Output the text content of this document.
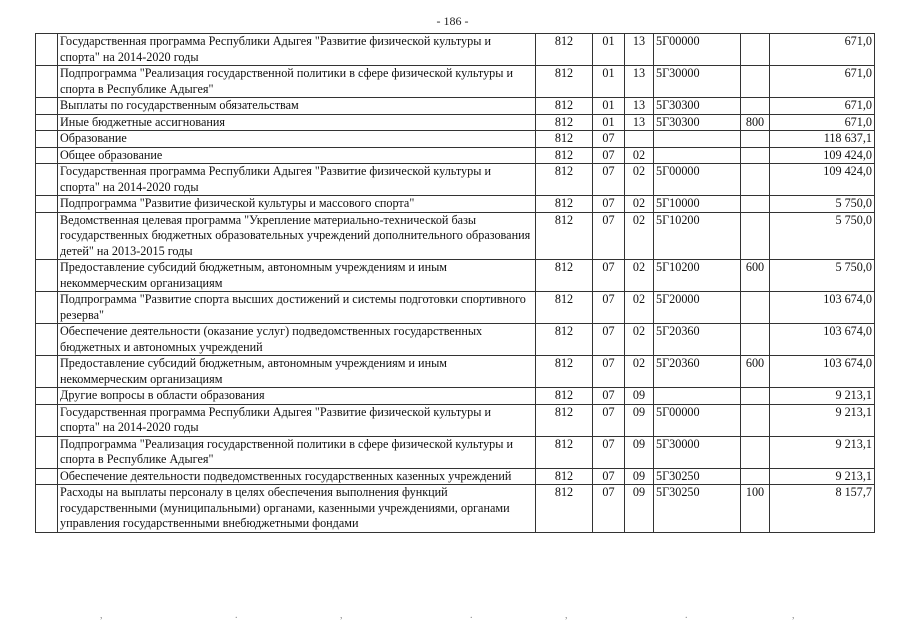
- 186 -
	Государственная программа Республики Адыгея "Развитие физической культуры и спорта" на 2014-2020 годы	812	01	13	5Г00000		671,0
	Подпрограмма "Реализация государственной политики в сфере физической культуры и спорта в Республике Адыгея"	812	01	13	5Г30000		671,0
	Выплаты по государственным обязательствам	812	01	13	5Г30300		671,0
	Иные бюджетные ассигнования	812	01	13	5Г30300	800	671,0
	Образование	812	07				118 637,1
	Общее образование	812	07	02			109 424,0
	Государственная программа Республики Адыгея "Развитие физической культуры и спорта" на 2014-2020 годы	812	07	02	5Г00000		109 424,0
	Подпрограмма "Развитие физической культуры и массового спорта"	812	07	02	5Г10000		5 750,0
	Ведомственная целевая программа "Укрепление материально-технической базы государственных бюджетных образовательных учреждений дополнительного образования детей" на 2013-2015 годы	812	07	02	5Г10200		5 750,0
	Предоставление субсидий бюджетным, автономным учреждениям и иным некоммерческим организациям	812	07	02	5Г10200	600	5 750,0
	Подпрограмма "Развитие спорта высших достижений и системы подготовки спортивного резерва"	812	07	02	5Г20000		103 674,0
	Обеспечение деятельности (оказание услуг) подведомственных государственных бюджетных и автономных учреждений	812	07	02	5Г20360		103 674,0
	Предоставление субсидий бюджетным, автономным учреждениям и иным некоммерческим организациям	812	07	02	5Г20360	600	103 674,0
	Другие вопросы в области образования	812	07	09			9 213,1
	Государственная программа Республики Адыгея "Развитие физической культуры и спорта" на 2014-2020 годы	812	07	09	5Г00000		9 213,1
	Подпрограмма "Реализация государственной политики в сфере физической культуры и спорта в Республике Адыгея"	812	07	09	5Г30000		9 213,1
	Обеспечение деятельности подведомственных государственных казенных учреждений	812	07	09	5Г30250		9 213,1
	Расходы на выплаты персоналу в целях обеспечения выполнения функций государственными (муниципальными) органами, казенными учреждениями, органами управления государственными внебюджетными фондами	812	07	09	5Г30250	100	8 157,7
,	.	,	.	,	.	,
